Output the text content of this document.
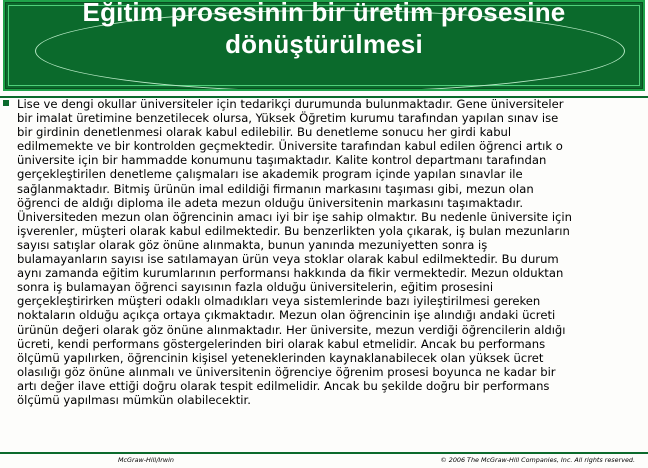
Eğitim prosesinin bir üretim prosesine
dönüştürülmesi
Lise ve dengi okullar üniversiteler için tedarikçi durumunda bulunmaktadır. Gene üniversiteler
bir imalat üretimine benzetilecek olursa, Yüksek Öğretim kurumu tarafından yapılan sınav ise
bir girdinin denetlenmesi olarak kabul edilebilir. Bu denetleme sonucu her girdi kabul
edilmemekte ve bir kontrolden geçmektedir. Üniversite tarafından kabul edilen öğrenci artık o
üniversite için bir hammadde konumunu taşımaktadır. Kalite kontrol departmanı tarafından
gerçekleştirilen denetleme çalışmaları ise akademik program içinde yapılan sınavlar ile
sağlanmaktadır. Bitmiş ürünün imal edildiği firmanın markasını taşıması gibi, mezun olan
öğrenci de aldığı diploma ile adeta mezun olduğu üniversitenin markasını taşımaktadır.
Üniversiteden mezun olan öğrencinin amacı iyi bir işe sahip olmaktır. Bu nedenle üniversite için
işverenler, müşteri olarak kabul edilmektedir. Bu benzerlikten yola çıkarak, iş bulan mezunların
sayısı satışlar olarak göz önüne alınmakta, bunun yanında mezuniyetten sonra iş
bulamayanların sayısı ise satılamayan ürün veya stoklar olarak kabul edilmektedir. Bu durum
aynı zamanda eğitim kurumlarının performansı hakkında da fikir vermektedir. Mezun olduktan
sonra iş bulamayan öğrenci sayısının fazla olduğu üniversitelerin, eğitim prosesini
gerçekleştirirken müşteri odaklı olmadıkları veya sistemlerinde bazı iyileştirilmesi gereken
noktaların olduğu açıkça ortaya çıkmaktadır. Mezun olan öğrencinin işe alındığı andaki ücreti
ürünün değeri olarak göz önüne alınmaktadır. Her üniversite, mezun verdiği öğrencilerin aldığı
ücreti, kendi performans göstergelerinden biri olarak kabul etmelidir. Ancak bu performans
ölçümü yapılırken, öğrencinin kişisel yeteneklerinden kaynaklanabilecek olan yüksek ücret
olasılığı göz önüne alınmalı ve üniversitenin öğrenciye öğrenim prosesi boyunca ne kadar bir
artı değer ilave ettiği doğru olarak tespit edilmelidir. Ancak bu şekilde doğru bir performans
ölçümü yapılması mümkün olabilecektir.
McGraw-Hill/Irwin	© 2006 The McGraw-Hill Companies, Inc. All rights reserved.
